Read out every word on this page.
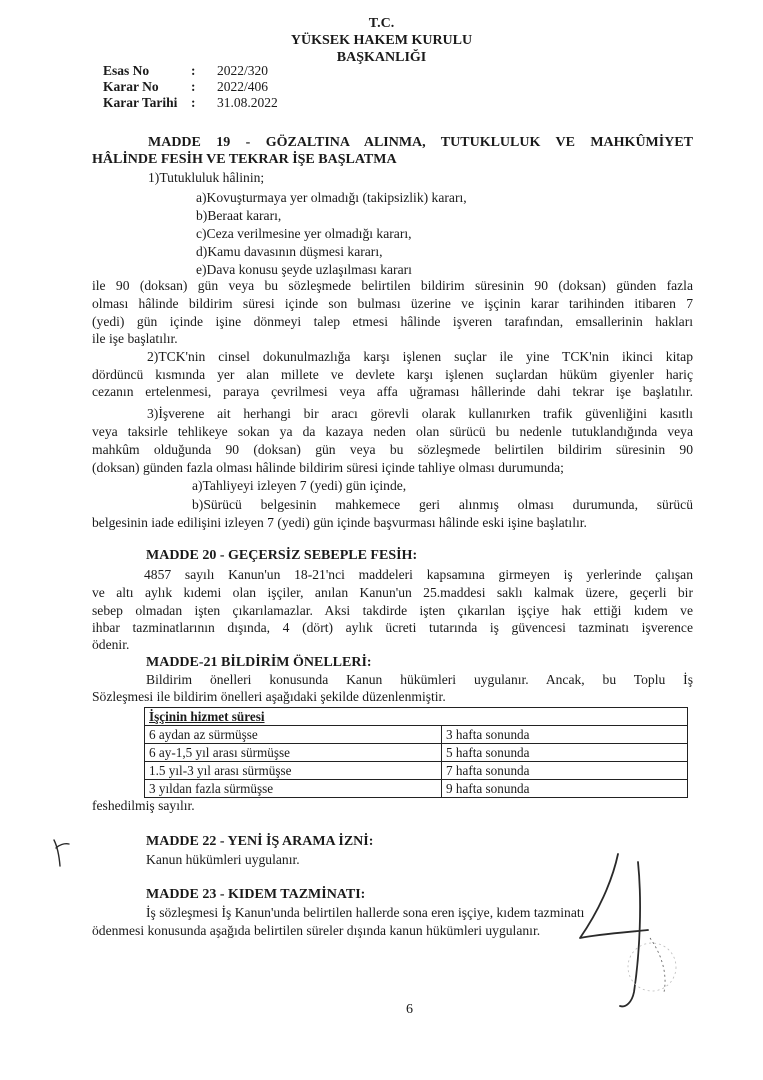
T.C.
YÜKSEK HAKEM KURULU
BAŞKANLIĞI
Esas No	:	2022/320
Karar No	:	2022/406
Karar Tarihi	:	31.08.2022
MADDE 19 - GÖZALTINA ALINMA, TUTUKLULUK VE MAHKÛMİYET
HÂLİNDE FESİH VE TEKRAR İŞE BAŞLATMA
1)Tutukluluk hâlinin;
a)Kovuşturmaya yer olmadığı (takipsizlik) kararı,
b)Beraat kararı,
c)Ceza verilmesine yer olmadığı kararı,
d)Kamu davasının düşmesi kararı,
e)Dava konusu şeyde uzlaşılması kararı
ile 90 (doksan) gün veya bu sözleşmede belirtilen bildirim süresinin 90 (doksan) günden fazla
olması hâlinde bildirim süresi içinde son bulması üzerine ve işçinin karar tarihinden itibaren 7
(yedi) gün içinde işine dönmeyi talep etmesi hâlinde işveren tarafından, emsallerinin hakları
ile işe başlatılır.
2)TCK'nin cinsel dokunulmazlığa karşı işlenen suçlar ile yine TCK'nin ikinci kitap
dördüncü kısmında yer alan millete ve devlete karşı işlenen suçlardan hüküm giyenler hariç
cezanın ertelenmesi, paraya çevrilmesi veya affa uğraması hâllerinde dahi tekrar işe başlatılır.
3)İşverene ait herhangi bir aracı görevli olarak kullanırken trafik güvenliğini kasıtlı
veya taksirle tehlikeye sokan ya da kazaya neden olan sürücü bu nedenle tutuklandığında veya
mahkûm olduğunda 90 (doksan) gün veya bu sözleşmede belirtilen bildirim süresinin 90
(doksan) günden fazla olması hâlinde bildirim süresi içinde tahliye olması durumunda;
a)Tahliyeyi izleyen 7 (yedi) gün içinde,
b)Sürücü belgesinin mahkemece geri alınmış olması durumunda, sürücü
belgesinin iade edilişini izleyen 7 (yedi) gün içinde başvurması hâlinde eski işine başlatılır.
MADDE 20 - GEÇERSİZ SEBEPLE FESİH:
4857 sayılı Kanun'un 18-21'nci maddeleri kapsamına girmeyen iş yerlerinde çalışan
ve altı aylık kıdemi olan işçiler, anılan Kanun'un 25.maddesi saklı kalmak üzere, geçerli bir
sebep olmadan işten çıkarılamazlar. Aksi takdirde işten çıkarılan işçiye hak ettiği kıdem ve
ihbar tazminatlarının dışında, 4 (dört) aylık ücreti tutarında iş güvencesi tazminatı işverence
ödenir.
MADDE-21 BİLDİRİM ÖNELLERİ:
Bildirim önelleri konusunda Kanun hükümleri uygulanır. Ancak, bu Toplu İş
Sözleşmesi ile bildirim önelleri aşağıdaki şekilde düzenlenmiştir.
İşçinin hizmet süresi	
6 aydan az sürmüşse	3 hafta sonunda
6 ay-1,5 yıl arası sürmüşse	5 hafta sonunda
1.5 yıl-3 yıl arası sürmüşse	7 hafta sonunda
3 yıldan fazla sürmüşse	9 hafta sonunda
feshedilmiş sayılır.
MADDE 22 - YENİ İŞ ARAMA İZNİ:
Kanun hükümleri uygulanır.
MADDE 23 - KIDEM TAZMİNATI:
İş sözleşmesi İş Kanun'unda belirtilen hallerde sona eren işçiye, kıdem tazminatı
ödenmesi konusunda aşağıda belirtilen süreler dışında kanun hükümleri uygulanır.
6
